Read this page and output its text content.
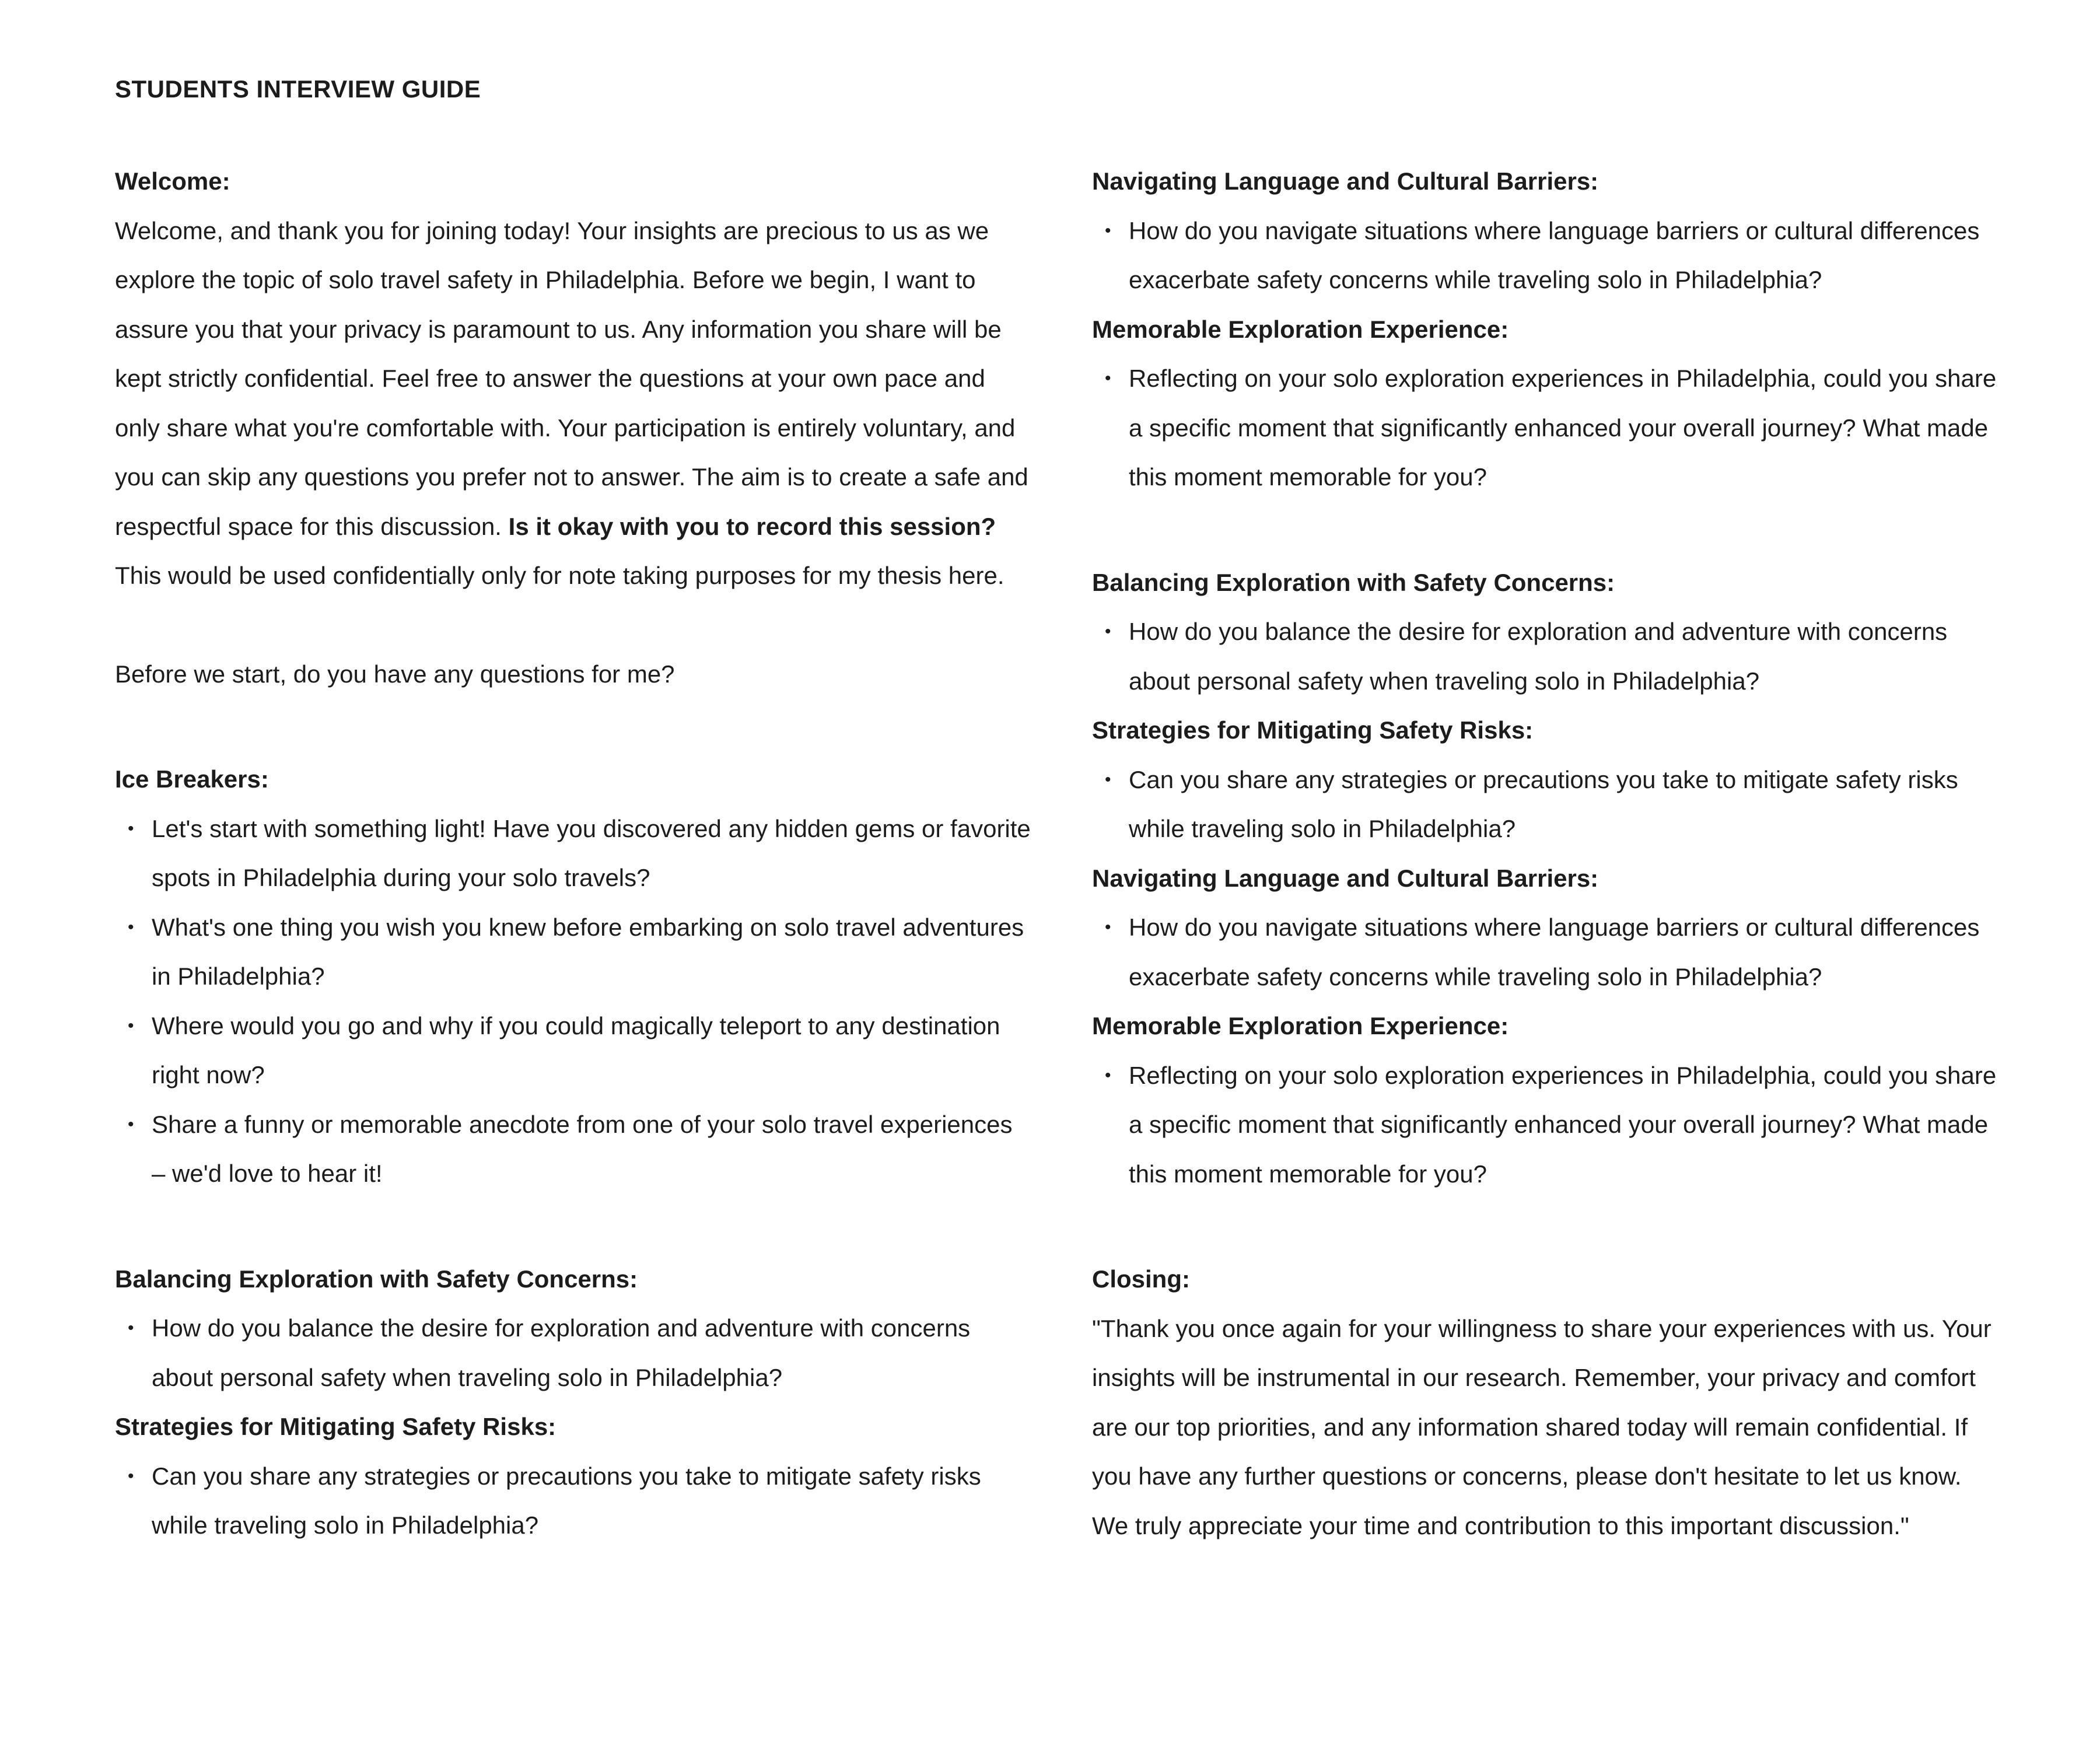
STUDENTS INTERVIEW GUIDE

Welcome:

Welcome, and thank you for joining today! Your insights are precious to us as we explore the topic of solo travel safety in Philadelphia. Before we begin, I want to assure you that your privacy is paramount to us. Any information you share will be kept strictly confidential. Feel free to answer the questions at your own pace and only share what you're comfortable with. Your participation is entirely voluntary, and you can skip any questions you prefer not to answer. The aim is to create a safe and respectful space for this discussion. Is it okay with you to record this session? This would be used confidentially only for note taking purposes for my thesis here.

Before we start, do you have any questions for me?

Ice Breakers:

• Let's start with something light! Have you discovered any hidden gems or favorite spots in Philadelphia during your solo travels?
• What's one thing you wish you knew before embarking on solo travel adventures in Philadelphia?
• Where would you go and why if you could magically teleport to any destination right now?
• Share a funny or memorable anecdote from one of your solo travel experiences – we'd love to hear it!

Balancing Exploration with Safety Concerns:

• How do you balance the desire for exploration and adventure with concerns about personal safety when traveling solo in Philadelphia?

Strategies for Mitigating Safety Risks:

• Can you share any strategies or precautions you take to mitigate safety risks while traveling solo in Philadelphia?

Navigating Language and Cultural Barriers:

• How do you navigate situations where language barriers or cultural differences exacerbate safety concerns while traveling solo in Philadelphia?

Memorable Exploration Experience:

• Reflecting on your solo exploration experiences in Philadelphia, could you share a specific moment that significantly enhanced your overall journey? What made this moment memorable for you?

Balancing Exploration with Safety Concerns:

• How do you balance the desire for exploration and adventure with concerns about personal safety when traveling solo in Philadelphia?

Strategies for Mitigating Safety Risks:

• Can you share any strategies or precautions you take to mitigate safety risks while traveling solo in Philadelphia?

Navigating Language and Cultural Barriers:

• How do you navigate situations where language barriers or cultural differences exacerbate safety concerns while traveling solo in Philadelphia?

Memorable Exploration Experience:

• Reflecting on your solo exploration experiences in Philadelphia, could you share a specific moment that significantly enhanced your overall journey? What made this moment memorable for you?

Closing:

"Thank you once again for your willingness to share your experiences with us. Your insights will be instrumental in our research. Remember, your privacy and comfort are our top priorities, and any information shared today will remain confidential. If you have any further questions or concerns, please don't hesitate to let us know. We truly appreciate your time and contribution to this important discussion."
